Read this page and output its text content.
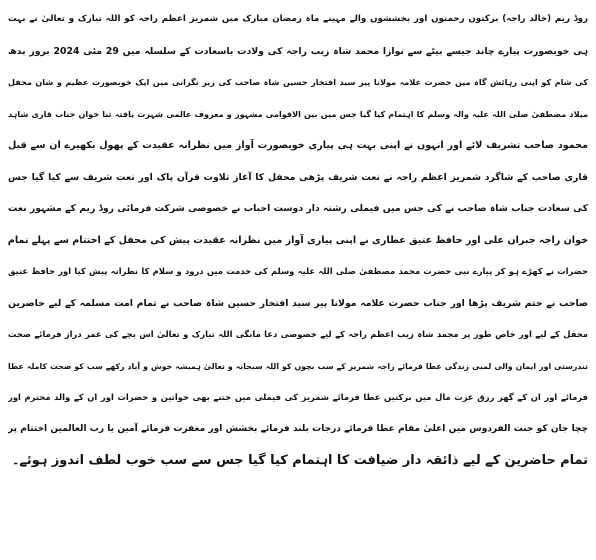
روڈ ریم (خالد راجہ) برکتوں رحمتوں اور بخششوں والے مہینے ماہ رمضان مبارک میں شمریز اعظم راجہ کو اللہ تبارک و تعالیٰ نے بہت
ہی خوبصورت پیارے چاند جیسے بیٹے سے نوازا محمد شاہ زیب راجہ کی ولادت باسعادت کے سلسلہ میں 29 مئی 2024 بروز بدھ
کی شام کو اپنی رہائش گاہ میں حضرت علامہ مولانا پیر سید افتخار حسین شاہ صاحب کی زیر نگرانی میں ایک خوبصورت عظیم و شان محفل
میلاد مصطفیٰ صلی اللہ علیہ والہ وسلم کا اہتمام کیا گیا جس میں بین الاقوامی مشہور و معروف عالمی شہرت یافتہ ثنا خوان جناب قاری شاہد
محمود صاحب تشریف لائے اور انہوں نے اپنی بہت ہی پیاری خوبصورت آواز میں نظرانہ عقیدت کے پھول بکھیرے ان سے قبل
قاری صاحب کے شاگرد شمریز اعظم راجہ نے نعت شریف پڑھی محفل کا آغاز تلاوت قرآن پاک اور نعت شریف سے کیا گیا جس
کی سعادت جناب شاہ صاحب نے کی جس میں فیملی رشتہ دار دوست احباب نے خصوصی شرکت فرمائی روڈ ریم کے مشہور نعت
خوان راجہ جبران علی اور حافظ عتیق عطاری نے اپنی پیاری آواز میں نظرانہ عقیدت پیش کی محفل کے اختتام سے پہلے تمام
حضرات نے کھڑے ہو کر پیارے نبی حضرت محمد مصطفیٰ صلی اللہ علیہ وسلم کی خدمت میں درود و سلام کا نظرانہ پیش کیا اور حافظ عتیق
صاحب نے ختم شریف پڑھا اور جناب حضرت علامہ مولانا پیر سید افتخار حسین شاہ صاحب نے تمام امت مسلمہ کے لیے حاضرین
محفل کے لیے اور خاص طور پر محمد شاہ زیب اعظم راجہ کے لیے خصوصی دعا مانگی اللہ تبارک و تعالیٰ اس بچے کی عمر دراز فرمائے صحت
تندرستی اور ایمان والی لمبی زندگی عطا فرمائے راجہ شمریز کے سب بچوں کو اللہ سبحانہ و تعالیٰ ہمیشہ خوش و آباد رکھے سب کو صحت کاملہ عطا
فرمائے اور ان کے گھر رزق عزت مال میں برکتیں عطا فرمائے شمریز کی فیملی میں جتنے بھی خواتین و حضرات اور ان کے والد محترم اور
چچا جان کو جنت الفردوس میں اعلیٰ مقام عطا فرمائے درجات بلند فرمائے بخشش اور مغفرت فرمائے آمین یا رب العالمین اختتام پر
تمام حاضرین کے لیے ذائقہ دار ضیافت کا اہتمام کیا گیا جس سے سب خوب لطف اندوز ہوئے۔
